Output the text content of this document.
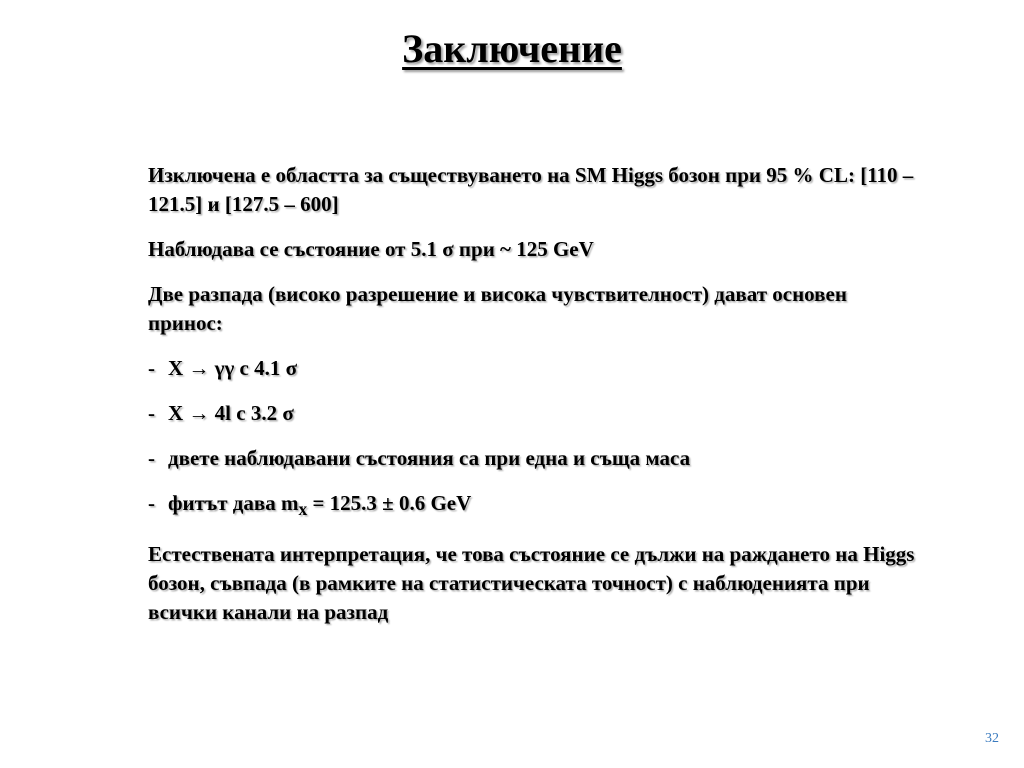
Заключение
Изключена е областта за съществуването на SM Higgs бозон при 95 % CL: [110 – 121.5] и [127.5 – 600]
Наблюдава се състояние от 5.1 σ при ~ 125 GeV
Две разпада (високо разрешение и висока чувствителност) дават основен принос:
- X → γγ с 4.1 σ
- X → 4l с 3.2 σ
- двете наблюдавани състояния са при една и съща маса
- фитът дава $m_x = 125.3 \pm 0.6$ GeV
Естествената интерпретация, че това състояние се дължи на раждането на Higgs бозон, съвпада (в рамките на статистическата точност) с наблюденията при всички канали на разпад
32
